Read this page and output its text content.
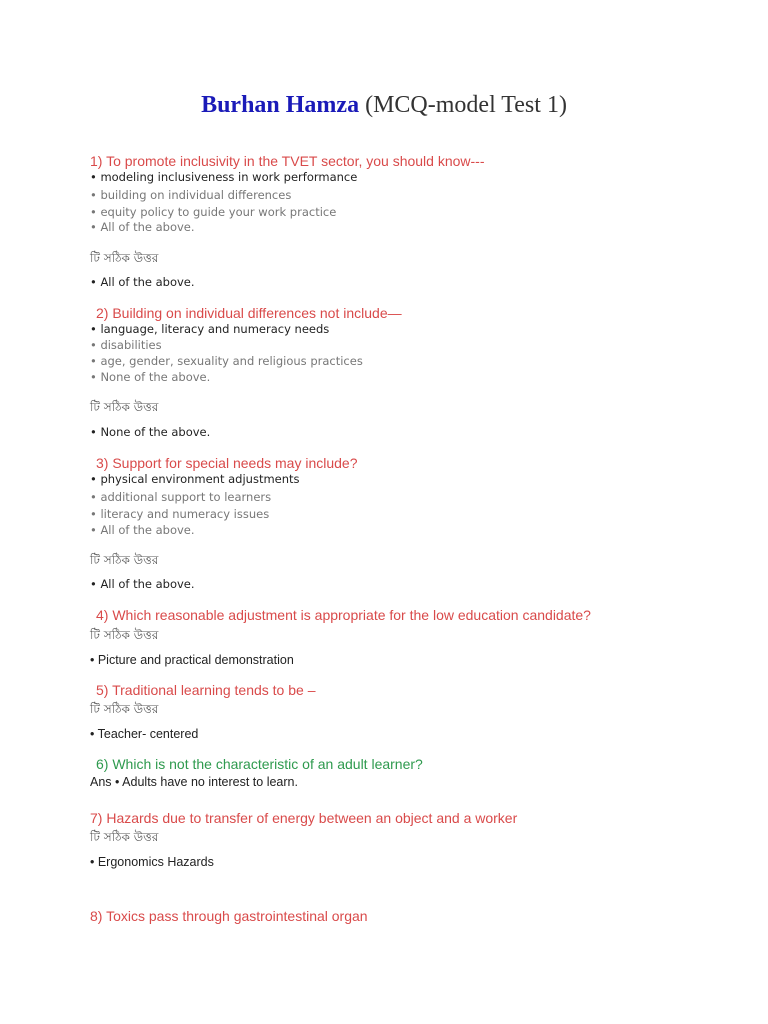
Burhan Hamza (MCQ-model Test 1)
1) To promote inclusivity in the TVET sector, you should know---
• modeling inclusiveness in work performance
• building on individual differences
• equity policy to guide your work practice
• All of the above.
টি সঠিক উত্তর
• All of the above.
2) Building on individual differences not include—
• language, literacy and numeracy needs
• disabilities
• age, gender, sexuality and religious practices
• None of the above.
টি সঠিক উত্তর
• None of the above.
3) Support for special needs may include?
• physical environment adjustments
• additional support to learners
• literacy and numeracy issues
• All of the above.
টি সঠিক উত্তর
• All of the above.
4) Which reasonable adjustment is appropriate for the low education candidate?
টি সঠিক উত্তর
• Picture and practical demonstration
5) Traditional learning tends to be –
টি সঠিক উত্তর
• Teacher- centered
6) Which is not the characteristic of an adult learner?
Ans • Adults have no interest to learn.
7) Hazards due to transfer of energy between an object and a worker
টি সঠিক উত্তর
• Ergonomics Hazards
8) Toxics pass through gastrointestinal organ
